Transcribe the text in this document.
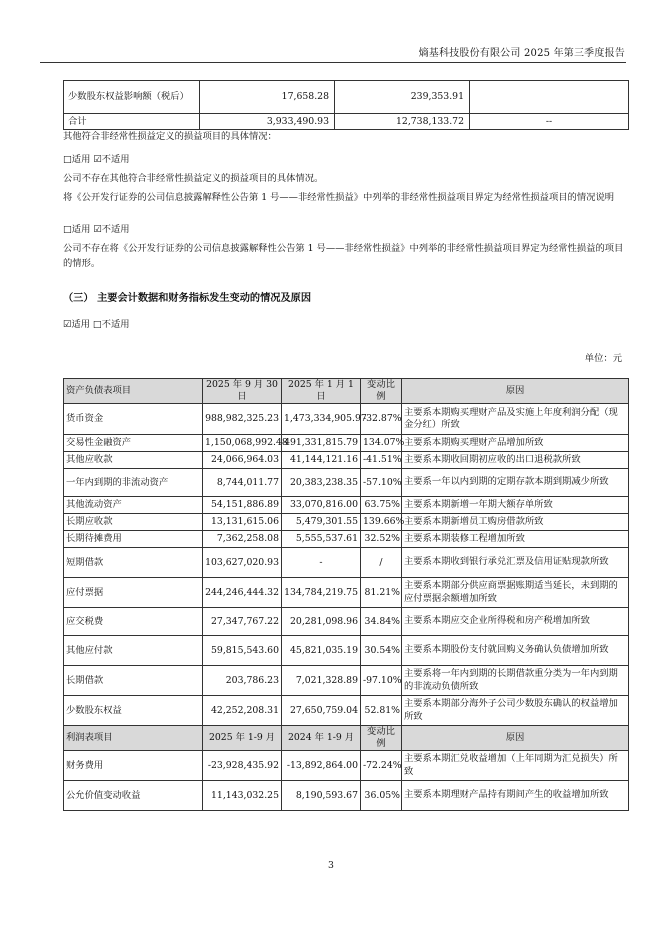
熵基科技股份有限公司 2025 年第三季度报告
少数股东权益影响额（税后）	17,658.28	239,353.91	
合计	3,933,490.93	12,738,133.72	--
其他符合非经常性损益定义的损益项目的具体情况：
□适用 ☑不适用
公司不存在其他符合非经常性损益定义的损益项目的具体情况。
将《公开发行证券的公司信息披露解释性公告第 1 号——非经常性损益》中列举的非经常性损益项目界定为经常性损益项目的情况说明
□适用 ☑不适用
公司不存在将《公开发行证券的公司信息披露解释性公告第 1 号——非经常性损益》中列举的非经常性损益项目界定为经常性损益的项目的情形。
（三） 主要会计数据和财务指标发生变动的情况及原因
☑适用 □不适用
单位：元
资产负债表项目	2025 年 9 月 30 日	2025 年 1 月 1 日	变动比例	原因
货币资金	988,982,325.23	1,473,334,905.97	-32.87%	主要系本期购买理财产品及实施上年度利润分配（现金分红）所致
交易性金融资产	1,150,068,992.48	491,331,815.79	134.07%	主要系本期购买理财产品增加所致
其他应收款	24,066,964.03	41,144,121.16	-41.51%	主要系本期收回期初应收的出口退税款所致
一年内到期的非流动资产	8,744,011.77	20,383,238.35	-57.10%	主要系一年以内到期的定期存款本期到期减少所致
其他流动资产	54,151,886.89	33,070,816.00	63.75%	主要系本期新增一年期大额存单所致
长期应收款	13,131,615.06	5,479,301.55	139.66%	主要系本期新增员工购房借款所致
长期待摊费用	7,362,258.08	5,555,537.61	32.52%	主要系本期装修工程增加所致
短期借款	103,627,020.93	-	/	主要系本期收到银行承兑汇票及信用证贴现款所致
应付票据	244,246,444.32	134,784,219.75	81.21%	主要系本期部分供应商票据账期适当延长，未到期的应付票据余额增加所致
应交税费	27,347,767.22	20,281,098.96	34.84%	主要系本期应交企业所得税和房产税增加所致
其他应付款	59,815,543.60	45,821,035.19	30.54%	主要系本期股份支付就回购义务确认负债增加所致
长期借款	203,786.23	7,021,328.89	-97.10%	主要系将一年内到期的长期借款重分类为一年内到期的非流动负债所致
少数股东权益	42,252,208.31	27,650,759.04	52.81%	主要系本期部分海外子公司少数股东确认的权益增加所致
利润表项目	2025 年 1-9 月	2024 年 1-9 月	变动比例	原因
财务费用	-23,928,435.92	-13,892,864.00	-72.24%	主要系本期汇兑收益增加（上年同期为汇兑损失）所致
公允价值变动收益	11,143,032.25	8,190,593.67	36.05%	主要系本期理财产品持有期间产生的收益增加所致
3
